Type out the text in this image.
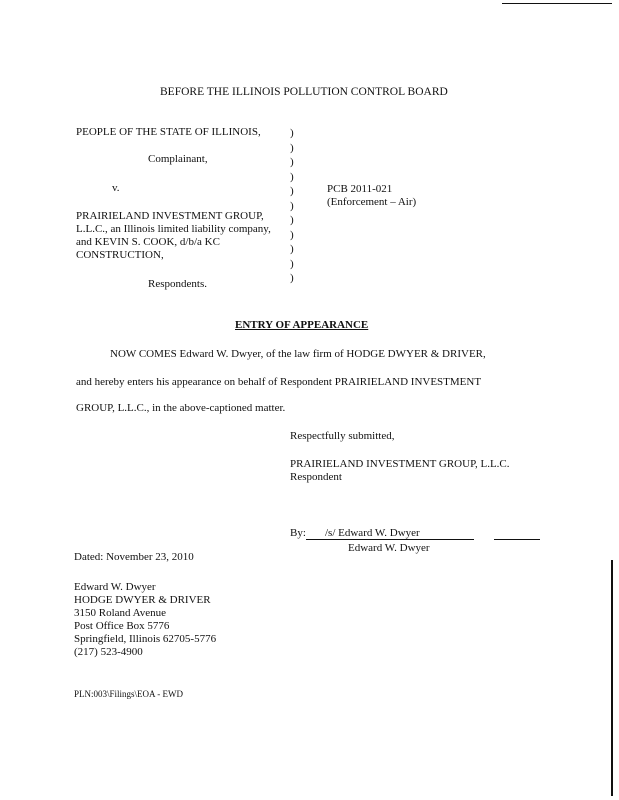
BEFORE THE ILLINOIS POLLUTION CONTROL BOARD
PEOPLE OF THE STATE OF ILLINOIS,
Complainant,
v.
PRAIRIELAND INVESTMENT GROUP,
L.L.C., an Illinois limited liability company,
and KEVIN S. COOK, d/b/a KC
CONSTRUCTION,
Respondents.
)
)
)
)
)
)
)
)
)
)
)
PCB 2011-021
(Enforcement – Air)
ENTRY OF APPEARANCE
NOW COMES Edward W. Dwyer, of the law firm of HODGE DWYER & DRIVER,
and hereby enters his appearance on behalf of Respondent PRAIRIELAND INVESTMENT
GROUP, L.L.C., in the above-captioned matter.
Respectfully submitted,
PRAIRIELAND INVESTMENT GROUP, L.L.C.
Respondent
By: /s/ Edward W. Dwyer
Edward W. Dwyer
Dated: November 23, 2010
Edward W. Dwyer
HODGE DWYER & DRIVER
3150 Roland Avenue
Post Office Box 5776
Springfield, Illinois 62705-5776
(217) 523-4900
PLN:003\Filings\EOA - EWD
